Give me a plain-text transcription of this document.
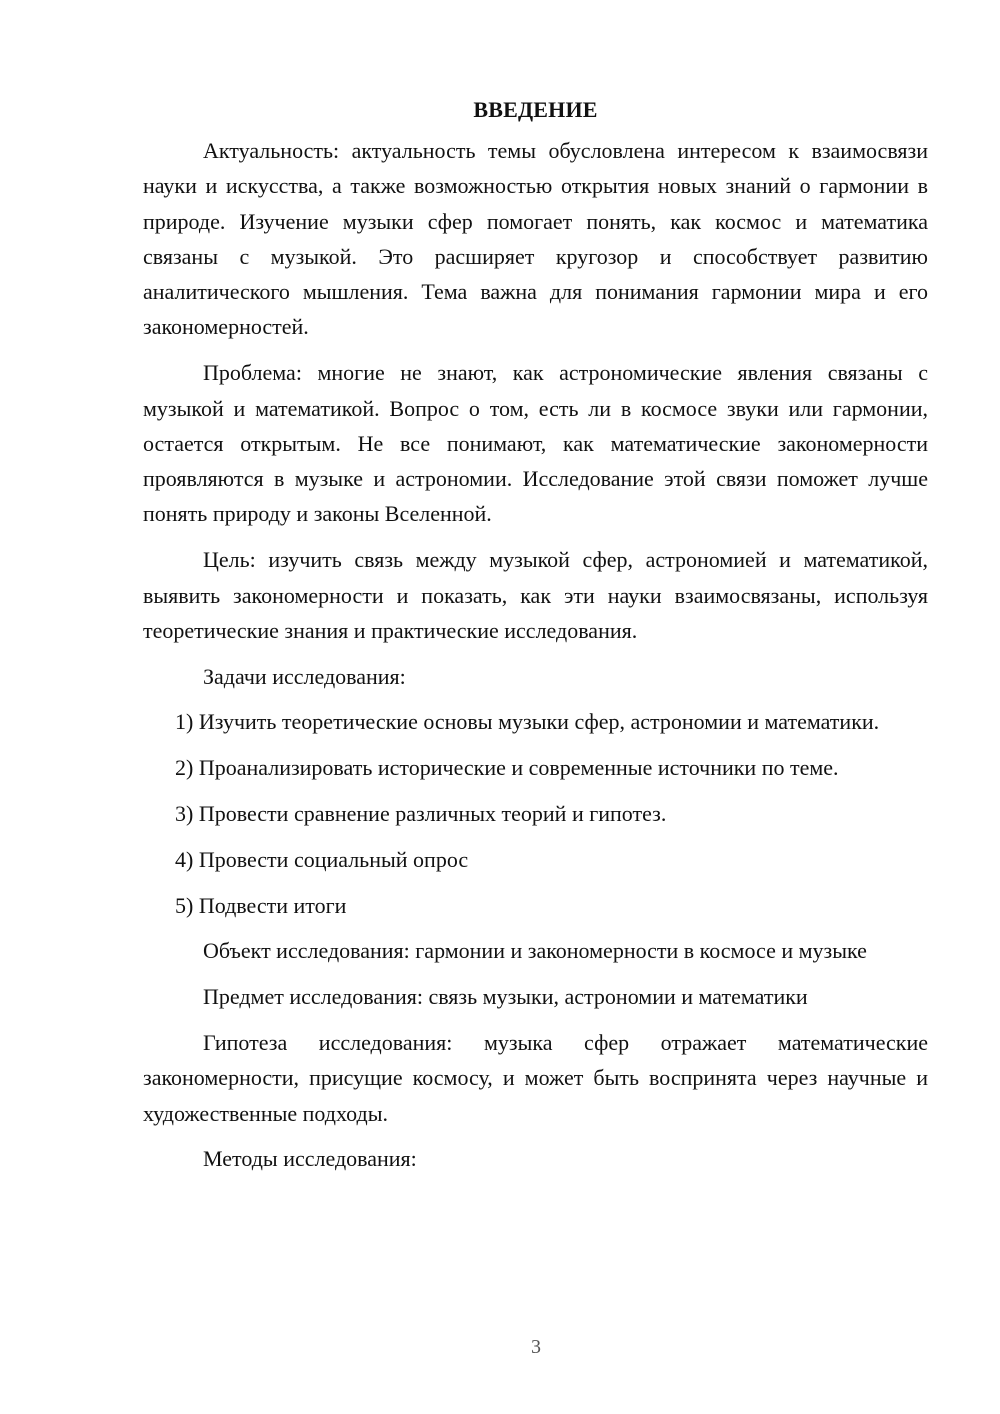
ВВЕДЕНИЕ
Актуальность: актуальность темы обусловлена интересом к взаимосвязи науки и искусства, а также возможностью открытия новых знаний о гармонии в природе. Изучение музыки сфер помогает понять, как космос и математика связаны с музыкой. Это расширяет кругозор и способствует развитию аналитического мышления. Тема важна для понимания гармонии мира и его закономерностей.
Проблема: многие не знают, как астрономические явления связаны с музыкой и математикой. Вопрос о том, есть ли в космосе звуки или гармонии, остается открытым. Не все понимают, как математические закономерности проявляются в музыке и астрономии. Исследование этой связи поможет лучше понять природу и законы Вселенной.
Цель: изучить связь между музыкой сфер, астрономией и математикой, выявить закономерности и показать, как эти науки взаимосвязаны, используя теоретические знания и практические исследования.
Задачи исследования:
1) Изучить теоретические основы музыки сфер, астрономии и математики.
2) Проанализировать исторические и современные источники по теме.
3) Провести сравнение различных теорий и гипотез.
4) Провести социальный опрос
5) Подвести итоги
Объект исследования: гармонии и закономерности в космосе и музыке
Предмет исследования: связь музыки, астрономии и математики
Гипотеза исследования: музыка сфер отражает математические закономерности, присущие космосу, и может быть воспринята через научные и художественные подходы.
Методы исследования:
3
